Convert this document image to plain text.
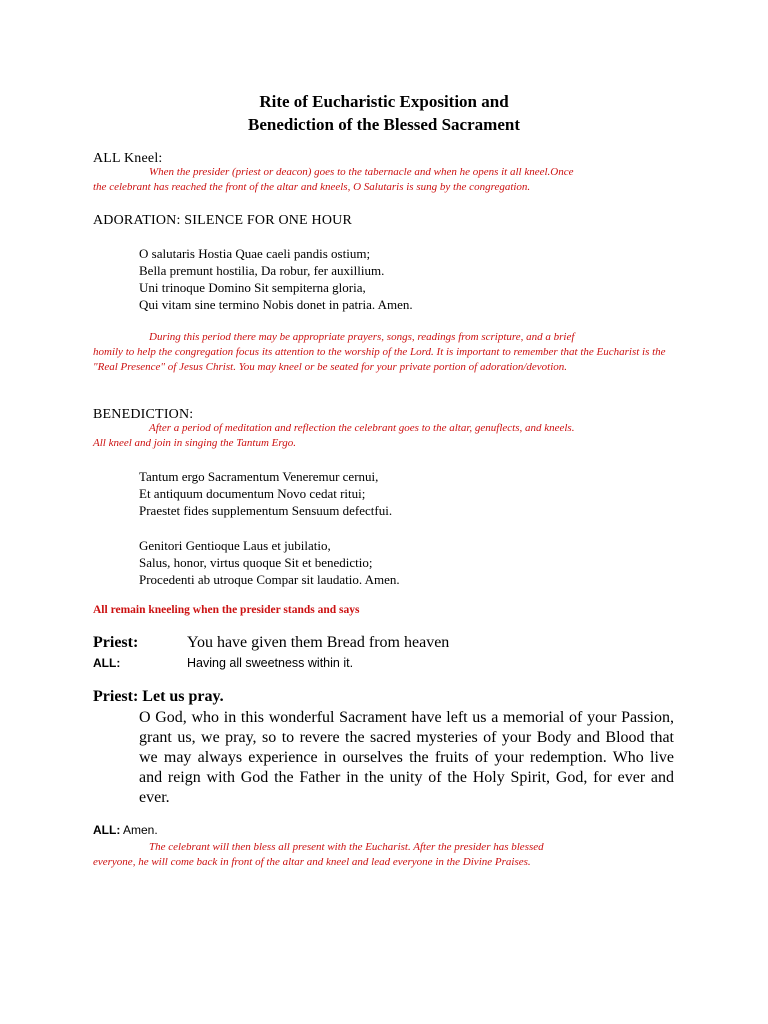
Rite of Eucharistic Exposition and
Benediction of the Blessed Sacrament
ALL Kneel:
When the presider (priest or deacon) goes to the tabernacle and when he opens it all kneel.Once
the celebrant has reached the front of the altar and kneels, O Salutaris is sung by the congregation.
ADORATION: SILENCE FOR ONE HOUR
O salutaris Hostia Quae caeli pandis ostium;
Bella premunt hostilia, Da robur, fer auxillium.
Uni trinoque Domino Sit sempiterna gloria,
Qui vitam sine termino Nobis donet in patria. Amen.
During this period there may be appropriate prayers, songs, readings from scripture, and a brief
homily to help the congregation focus its attention to the worship of the Lord. It is important to remember that the Eucharist is the "Real Presence" of Jesus Christ. You may kneel or be seated for your private portion of adoration/devotion.
BENEDICTION:
After a period of meditation and reflection the celebrant goes to the altar, genuflects, and kneels.
All kneel and join in singing the Tantum Ergo.
Tantum ergo Sacramentum Veneremur cernui,
Et antiquum documentum Novo cedat ritui;
Praestet fides supplementum Sensuum defectfui.
Genitori Gentioque Laus et jubilatio,
Salus, honor, virtus quoque Sit et benedictio;
Procedenti ab utroque Compar sit laudatio. Amen.
All remain kneeling when the presider stands and says
Priest:	You have given them Bread from heaven
ALL:	Having all sweetness within it.
Priest: Let us pray.
O God, who in this wonderful Sacrament have left us a memorial of your Passion, grant us, we pray, so to revere the sacred mysteries of your Body and Blood that we may always experience in ourselves the fruits of your redemption. Who live and reign with God the Father in the unity of the Holy Spirit, God, for ever and ever.
ALL: Amen.
The celebrant will then bless all present with the Eucharist. After the presider has blessed
everyone, he will come back in front of the altar and kneel and lead everyone in the Divine Praises.
